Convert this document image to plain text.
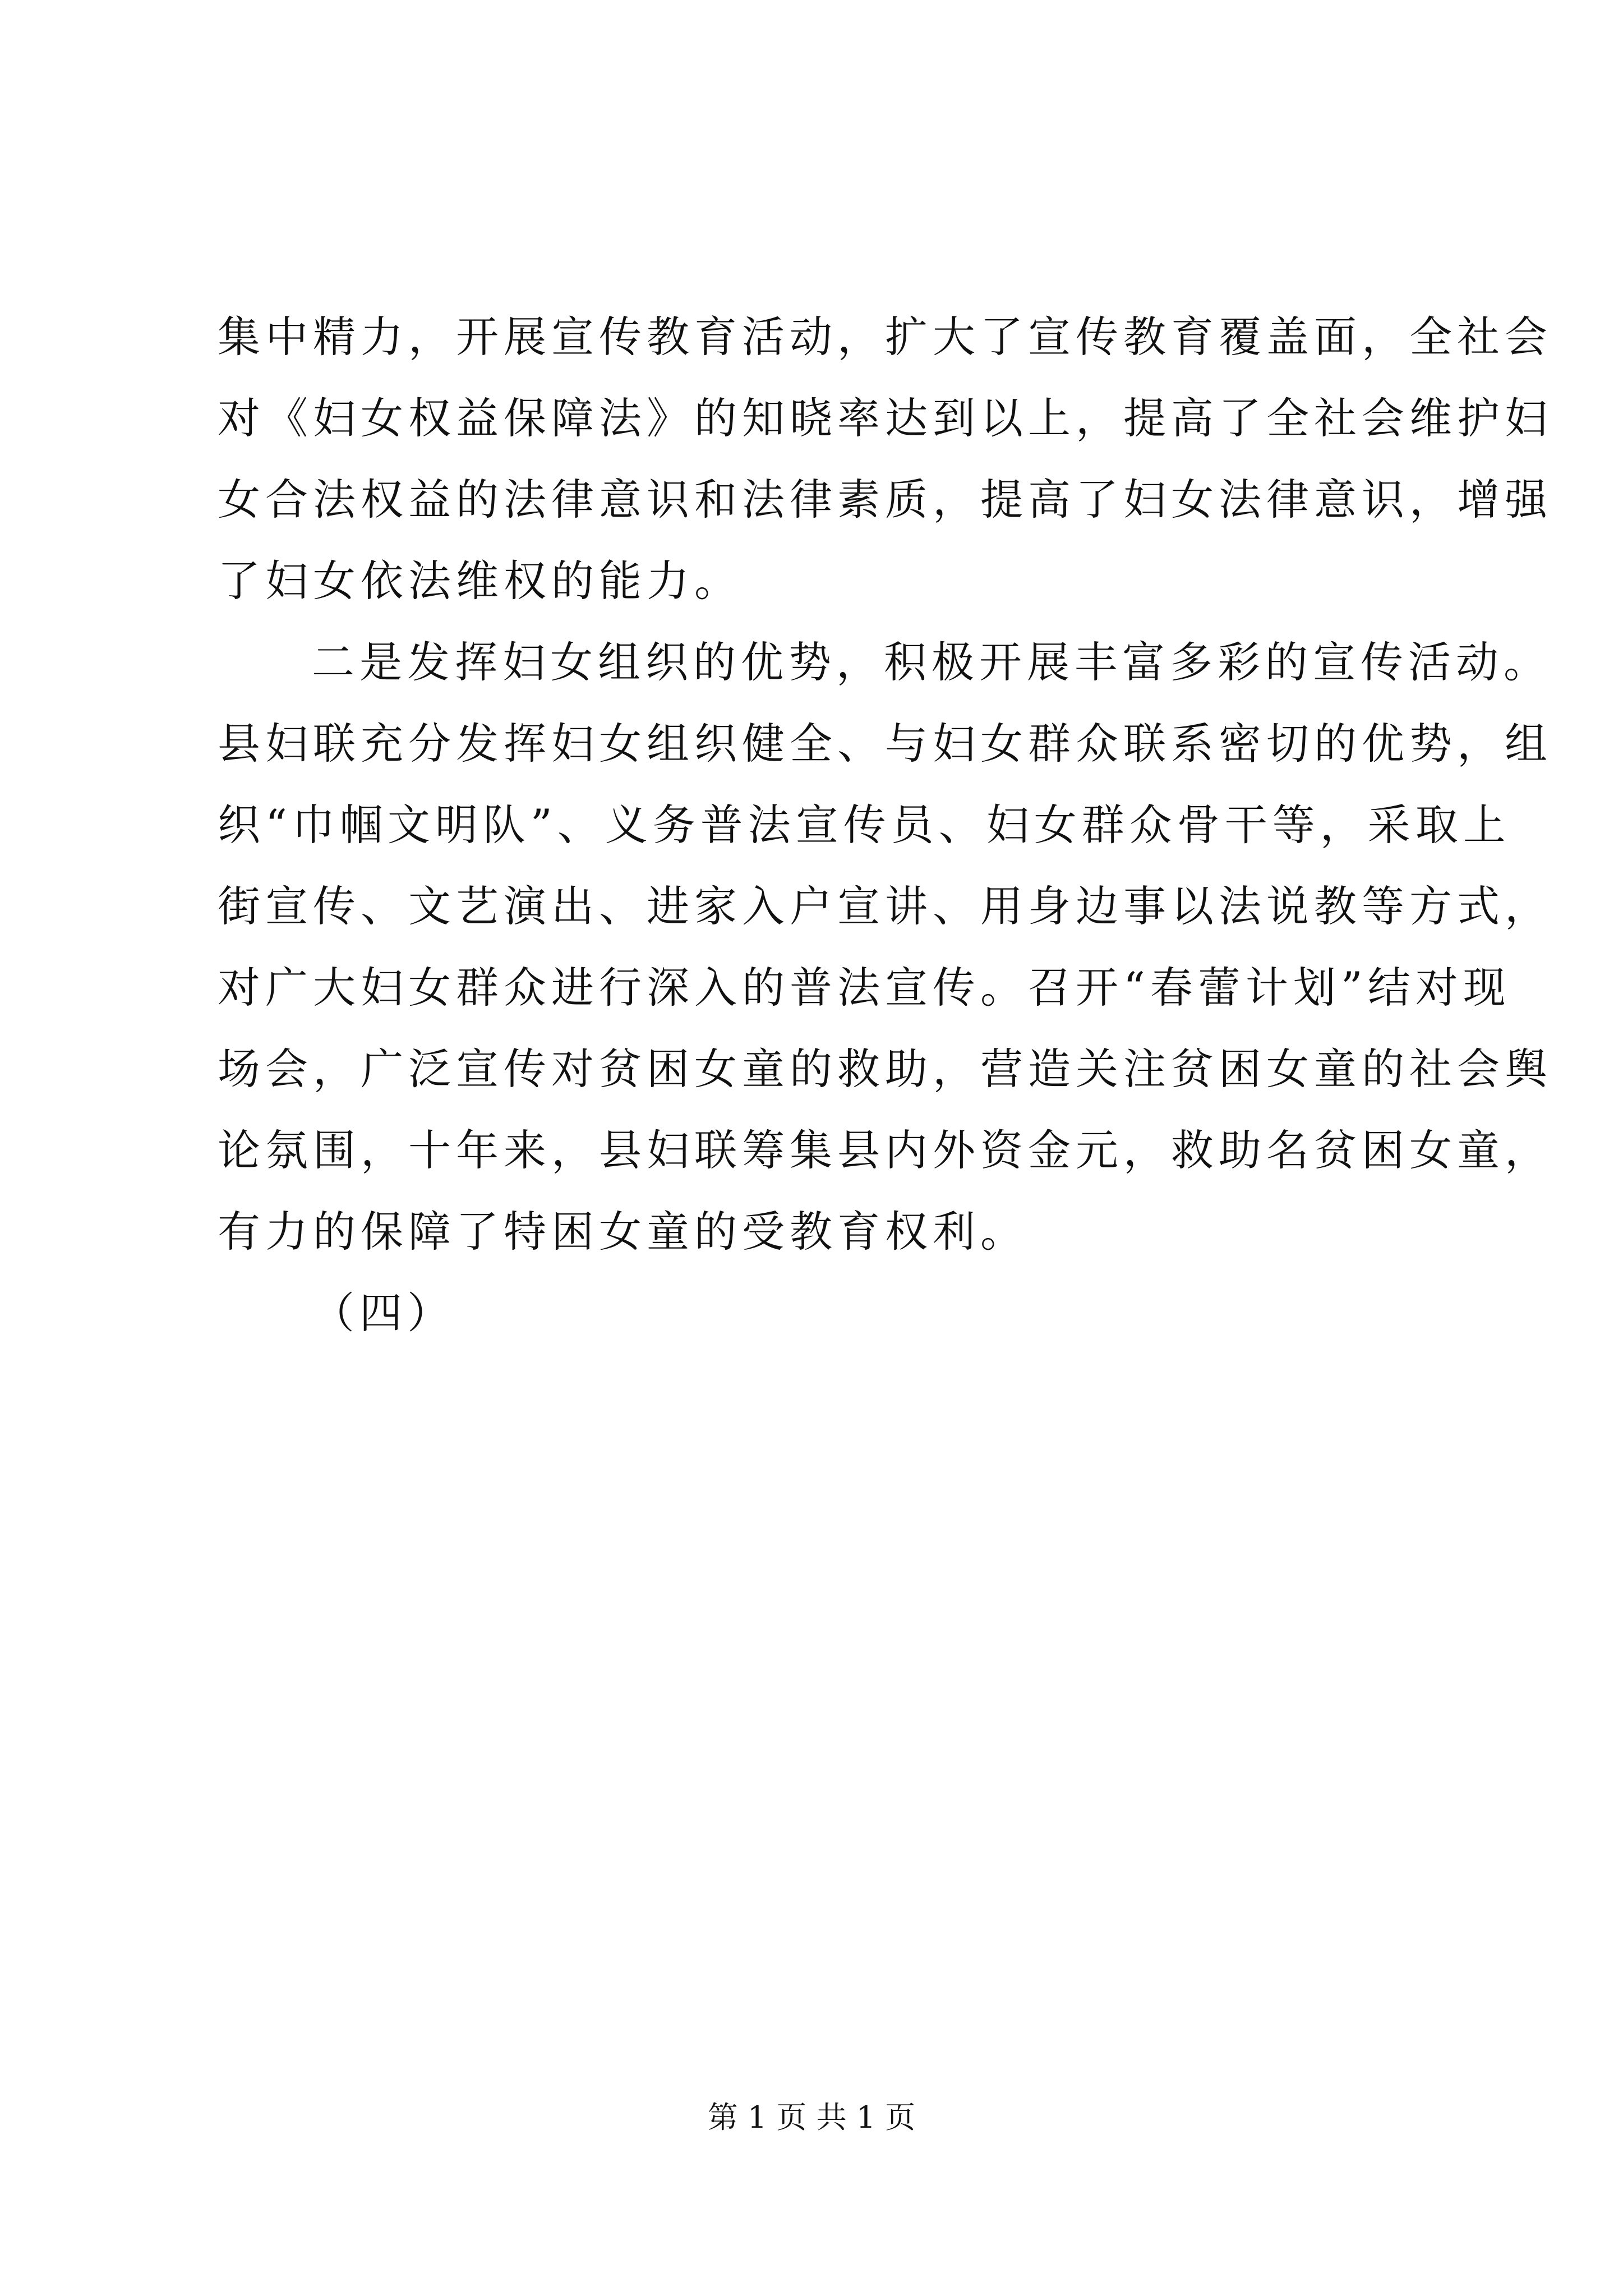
集中精力，开展宣传教育活动，扩大了宣传教育覆盖面，全社会
对《妇女权益保障法》的知晓率达到以上，提高了全社会维护妇
女合法权益的法律意识和法律素质，提高了妇女法律意识，增强
了妇女依法维权的能力。
二是发挥妇女组织的优势，积极开展丰富多彩的宣传活动。
县妇联充分发挥妇女组织健全、与妇女群众联系密切的优势，组
织“巾帼文明队”、义务普法宣传员、妇女群众骨干等，采取上
街宣传、文艺演出、进家入户宣讲、用身边事以法说教等方式，
对广大妇女群众进行深入的普法宣传。召开“春蕾计划”结对现
场会，广泛宣传对贫困女童的救助，营造关注贫困女童的社会舆
论氛围，十年来，县妇联筹集县内外资金元，救助名贫困女童，
有力的保障了特困女童的受教育权利。
（四）
第 1 页 共 1 页
